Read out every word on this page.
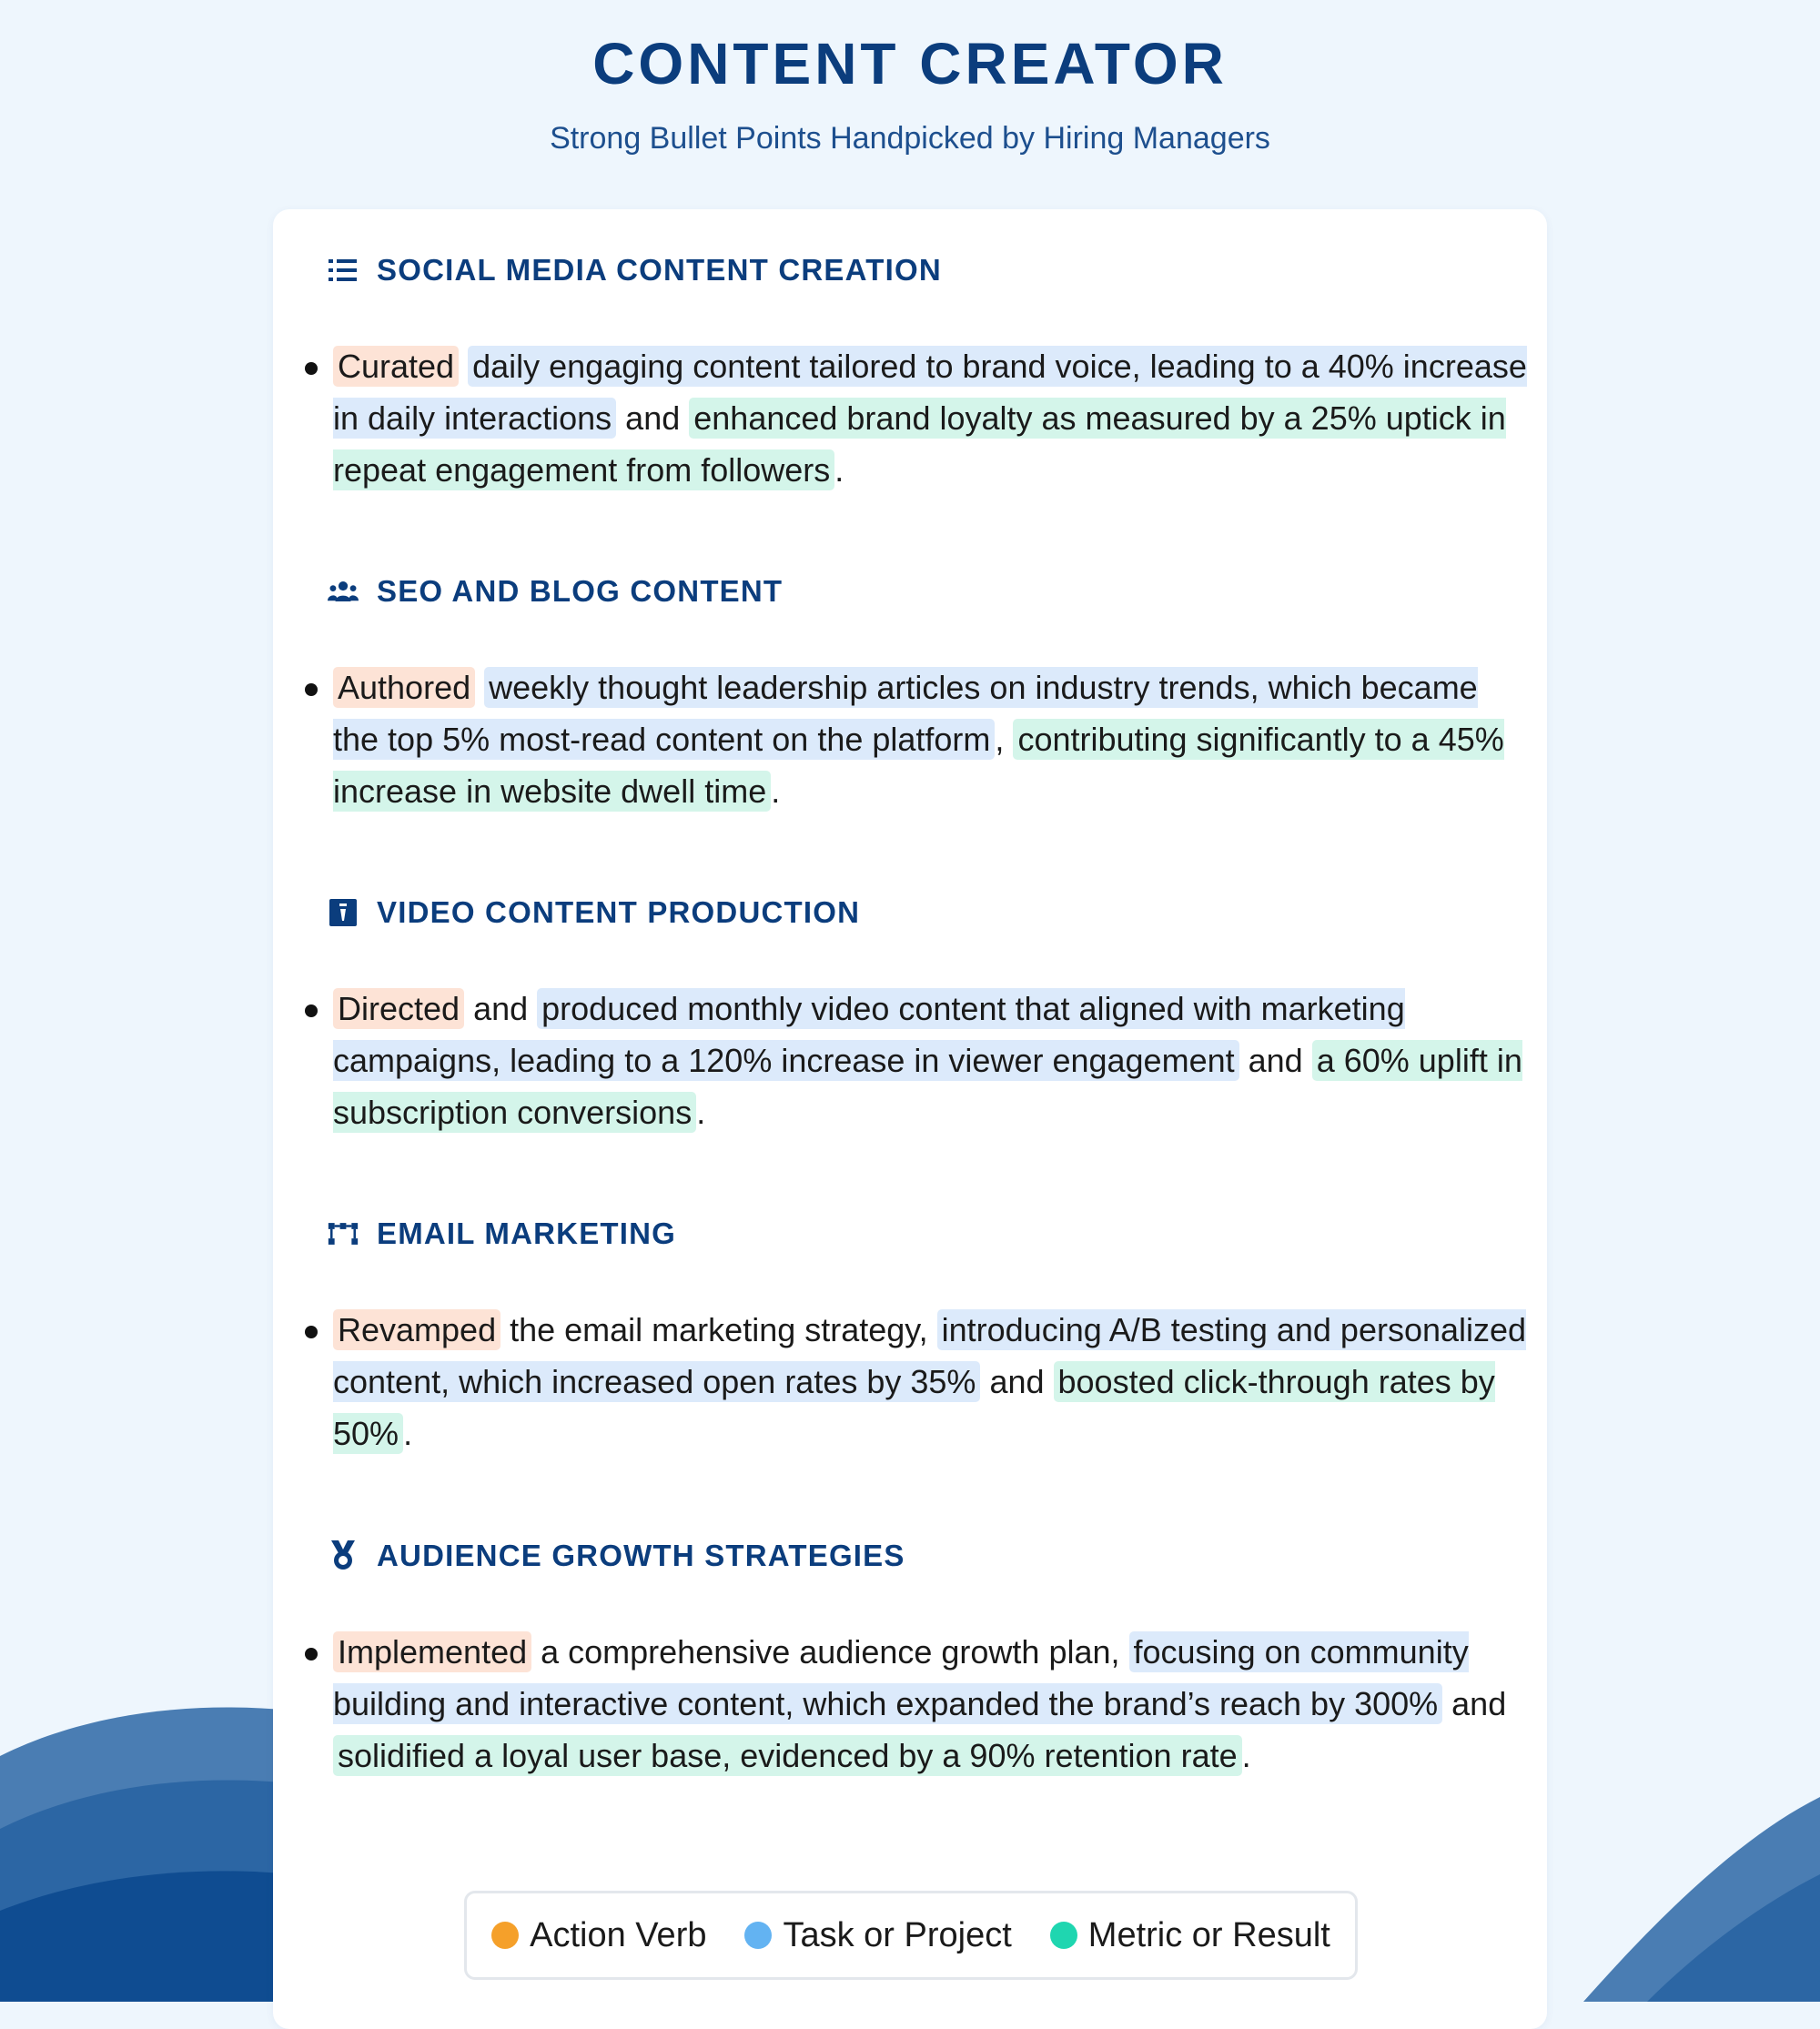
CONTENT CREATOR
Strong Bullet Points Handpicked by Hiring Managers
SOCIAL MEDIA CONTENT CREATION

Curated daily engaging content tailored to brand voice, leading to a 40% increase in daily interactions and enhanced brand loyalty as measured by a 25% uptick in repeat engagement from followers .

SEO AND BLOG CONTENT

Authored weekly thought leadership articles on industry trends, which became the top 5% most-read content on the platform , contributing significantly to a 45% increase in website dwell time .

VIDEO CONTENT PRODUCTION

Directed and produced monthly video content that aligned with marketing campaigns, leading to a 120% increase in viewer engagement and a 60% uplift in subscription conversions .

EMAIL MARKETING

Revamped the email marketing strategy, introducing A/B testing and personalized content, which increased open rates by 35% and boosted click-through rates by 50% .

AUDIENCE GROWTH STRATEGIES

Implemented a comprehensive audience growth plan, focusing on community building and interactive content, which expanded the brand’s reach by 300% and solidified a loyal user base, evidenced by a 90% retention rate .

Action Verb Task or Project Metric or Result
